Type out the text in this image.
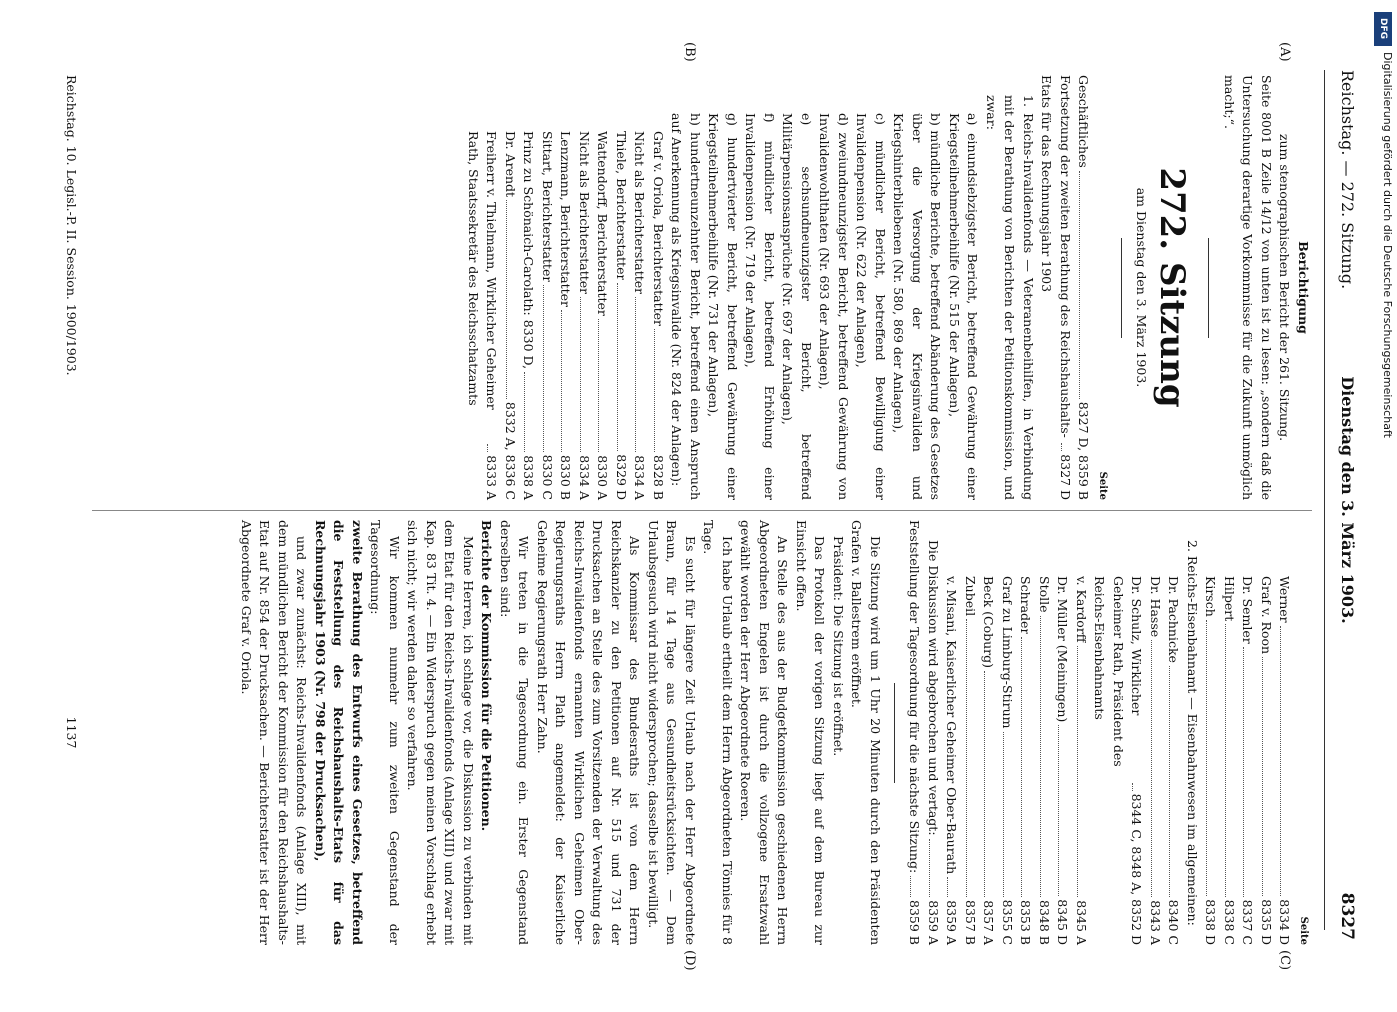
Reichstag. — 272. Sitzung.
Dienstag den 3. März 1903.
8327
(A)
(B)
(C)
(D)
Berichtigung
zum stenographischen Bericht der 261. Sitzung.
Seite 8001 B Zeile 14/12 von unten ist zu lesen: „sondern daß die Untersuchung derartige Vorkommnisse für die Zukunft unmöglich macht;“.
272. Sitzung
am Dienstag den 3. März 1903.
Seite
Geschäftliches
8327 D, 8359 B
Fortsetzung der zweiten Berathung des Reichshaushalts-Etats für das Rechnungsjahr 1903
8327 D
1. Reichs-Invalidenfonds — Veteranenbeihilfen, in Verbindung mit der Berathung von Berichten der Petitionskommission, und zwar:
a) einundsiebzigster Bericht, betreffend Gewährung einer Kriegsteilnehmerbeihilfe (Nr. 515 der Anlagen),
b) mündliche Berichte, betreffend Abänderung des Gesetzes über die Versorgung der Kriegsinvaliden und Kriegshinterbliebenen (Nr. 580, 869 der Anlagen),
c) mündlicher Bericht, betreffend Bewilligung einer Invalidenpension (Nr. 622 der Anlagen),
d) zweiundneunzigster Bericht, betreffend Gewährung von Invalidenwohlthaten (Nr. 693 der Anlagen),
e) sechsundneunzigster Bericht, betreffend Militärpensionsansprüche (Nr. 697 der Anlagen),
f) mündlicher Bericht, betreffend Erhöhung einer Invalidenpension (Nr. 719 der Anlagen),
g) hundertvierter Bericht, betreffend Gewährung einer Kriegsteilnehmerbeihilfe (Nr. 731 der Anlagen),
h) hundertneunzehnter Bericht, betreffend einen Anspruch auf Anerkennung als Kriegsinvalide (Nr. 824 der Anlagen):
Graf v. Oriola, Berichterstatter
8328 B
Nicht als Berichterstatter
8334 A
Thiele, Berichterstatter
8329 D
Wattendorff, Berichterstatter
8330 A
Nicht als Berichterstatter
8334 A
Lenzmann, Berichterstatter
8330 B
Sittart, Berichterstatter
8330 C
Prinz zu Schönaich-Carolath: 8330 D,
8338 A
Dr. Arendt
8332 A, 8336 C
Freiherr v. Thielmann, Wirklicher Geheimer Rath, Staatssekretär des Reichsschatzamts
8333 A
Seite
Werner
8334 D
Graf v. Roon
8335 D
Dr. Semler
8337 C
Hilpert
8338 C
Kirsch
8338 D
2. Reichs-Eisenbahnamt — Eisenbahnwesen im allgemeinen:
Dr. Pachnicke
8340 C
Dr. Hasse
8343 A
Dr. Schulz, Wirklicher Geheimer Rath, Präsident des Reichs-Eisenbahnamts
8344 C, 8348 A, 8352 D
v. Kardorff
8345 A
Dr. Müller (Meiningen)
8345 D
Stolle
8348 B
Schrader
8353 B
Graf zu Limburg-Stirum
8355 C
Beck (Coburg)
8357 A
Zubeil
8357 B
v. Misani, Kaiserlicher Geheimer Ober-Baurath
8359 A
Die Diskussion wird abgebrochen und vertagt:
8359 A
Feststellung der Tagesordnung für die nächste Sitzung:
8359 B
Die Sitzung wird um 1 Uhr 20 Minuten durch den Präsidenten Grafen v. Ballestrem eröffnet.
Präsident: Die Sitzung ist eröffnet.
Das Protokoll der vorigen Sitzung liegt auf dem Bureau zur Einsicht offen.
An Stelle des aus der Budgetkommission geschiedenen Herrn Abgeordneten Engelen ist durch die vollzogene Ersatzwahl gewählt worden der Herr Abgeordnete Roeren.
Ich habe Urlaub ertheilt dem Herrn Abgeordneten Tönnies für 8 Tage.
Es sucht für längere Zeit Urlaub nach der Herr Abgeordnete Braun, für 14 Tage aus Gesundheitsrücksichten. — Dem Urlaubsgesuch wird nicht widersprochen; dasselbe ist bewilligt.
Als Kommissar des Bundesraths ist von dem Herrn Reichskanzler zu den Petitionen auf Nr. 515 und 731 der Drucksachen an Stelle des zum Vorsitzenden der Verwaltung des Reichs-Invalidenfonds ernannten Wirklichen Geheimen Ober-Regierungsraths Herrn Plath angemeldet: der Kaiserliche Geheime Regierungsrath Herr Zahn.
Wir treten in die Tagesordnung ein. Erster Gegenstand derselben sind:
Berichte der Kommission für die Petitionen.
Meine Herren, ich schlage vor, die Diskussion zu verbinden mit dem Etat für den Reichs-Invalidenfonds (Anlage XIII) und zwar mit Kap. 83 Tit. 4. — Ein Widerspruch gegen meinen Vorschlag erhebt sich nicht; wir werden daher so verfahren.
Wir kommen nunmehr zum zweiten Gegenstand der Tagesordnung:
zweite Berathung des Entwurfs eines Gesetzes, betreffend die Feststellung des Reichshaushalts-Etats für das Rechnungsjahr 1903 (Nr. 798 der Drucksachen),
und zwar zunächst: Reichs-Invalidenfonds (Anlage XIII), mit dem mündlichen Bericht der Kommission für den Reichshaushalts-Etat auf Nr. 854 der Drucksachen. — Berichterstatter ist der Herr Abgeordnete Graf v. Oriola.
Reichstag. 10. Legisl.-P. II. Session. 1900/1903.
1137
DFG
Digitalisierung gefördert durch die Deutsche Forschungsgemeinschaft
